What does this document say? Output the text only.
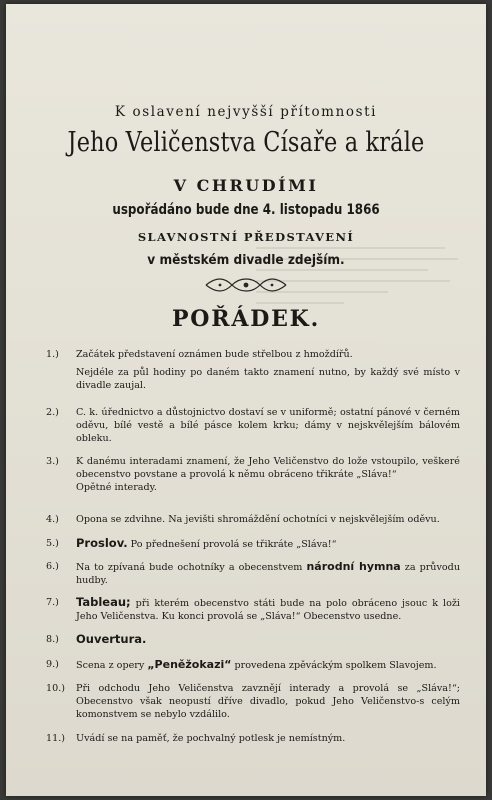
K oslavení nejvyšší přítomnosti
Jeho Veličenstva Císaře a krále
V CHRUDÍMI
uspořádáno bude dne 4. listopadu 1866
SLAVNOSTNÍ PŘEDSTAVENÍ
v městském divadle zdejším.
POŘÁDEK.
1.)	Začátek představení oznámen bude střelbou z hmoždířů.
Nejdéle za půl hodiny po daném takto znamení nutno, by každý své místo v divadle zaujal.
2.)	C. k. úřednictvo a důstojnictvo dostaví se v uniformě; ostatní pánové v černém oděvu, bílé vestě a bílé pásce kolem krku; dámy v nejskvělejším bálovém obleku.
3.)	K danému interadami znamení, že Jeho Veličenstvo do lože vstoupilo, veškeré obecenstvo povstane a provolá k němu obráceno třikráte „Sláva!“
Opětné interady.
4.)	Opona se zdvihne. Na jevišti shromáždění ochotníci v nejskvělejším oděvu.
5.)	Proslov. Po přednešení provolá se třikráte „Sláva!“
6.)	Na to zpívaná bude ochotníky a obecenstvem národní hymna za průvodu hudby.
7.)	Tableau; při kterém obecenstvo státi bude na polo obráceno jsouc k loži Jeho Veličenstva. Ku konci provolá se „Sláva!“ Obecenstvo usedne.
8.)	Ouvertura.
9.)	Scena z opery „Peněžokazi“ provedena zpěváckým spolkem Slavojem.
10.)	Při odchodu Jeho Veličenstva zavznějí interady a provolá se „Sláva!“; Obecenstvo však neopustí dříve divadlo, pokud Jeho Veličenstvo-s celým komonstvem se nebylo vzdálilo.
11.)	Uvádí se na paměť, že pochvalný potlesk je nemístným.
